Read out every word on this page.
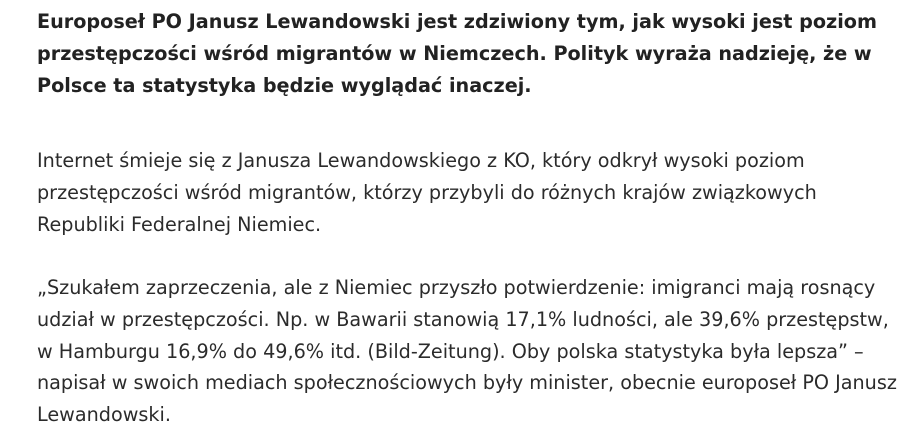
Europoseł PO Janusz Lewandowski jest zdziwiony tym, jak wysoki jest poziom przestępczości wśród migrantów w Niemczech. Polityk wyraża nadzieję, że w Polsce ta statystyka będzie wyglądać inaczej.

Internet śmieje się z Janusza Lewandowskiego z KO, który odkrył wysoki poziom przestępczości wśród migrantów, którzy przybyli do różnych krajów związkowych Republiki Federalnej Niemiec.

„Szukałem zaprzeczenia, ale z Niemiec przyszło potwierdzenie: imigranci mają rosnący udział w przestępczości. Np. w Bawarii stanowią 17,1% ludności, ale 39,6% przestępstw, w Hamburgu 16,9% do 49,6% itd. (Bild-Zeitung). Oby polska statystyka była lepsza” – napisał w swoich mediach społecznościowych były minister, obecnie europoseł PO Janusz Lewandowski.
